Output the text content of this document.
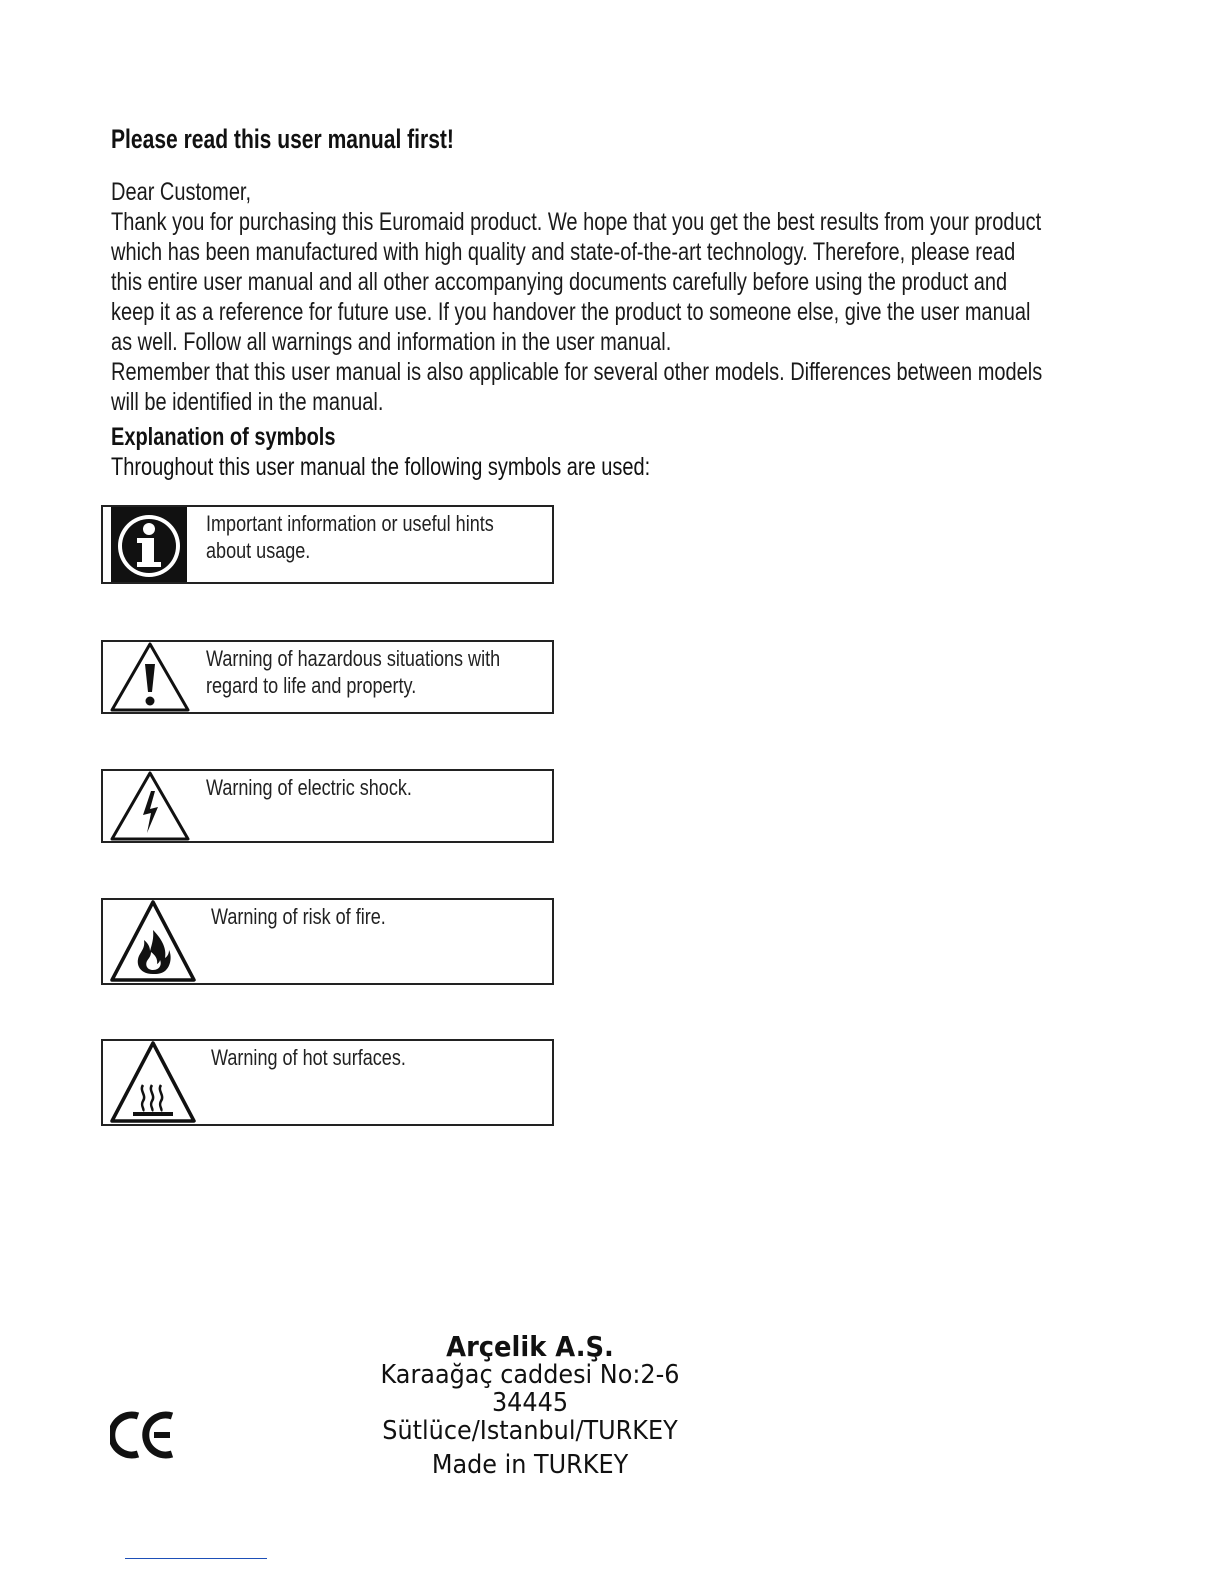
Please read this user manual first!
Dear Customer,
Thank you for purchasing this Euromaid product. We hope that you get the best results from your product
which has been manufactured with high quality and state-of-the-art technology. Therefore, please read
this entire user manual and all other accompanying documents carefully before using the product and
keep it as a reference for future use. If you handover the product to someone else, give the user manual
as well. Follow all warnings and information in the user manual.
Remember that this user manual is also applicable for several other models. Differences between models
will be identified in the manual.
Explanation of symbols
Throughout this user manual the following symbols are used:
Important information or useful hints
about usage.
Warning of hazardous situations with
regard to life and property.
Warning of electric shock.
Warning of risk of fire.
Warning of hot surfaces.
Arçelik A.Ş.
Karaağaç caddesi No:2-6
34445 Sütlüce/Istanbul/TURKEY
Made in TURKEY
